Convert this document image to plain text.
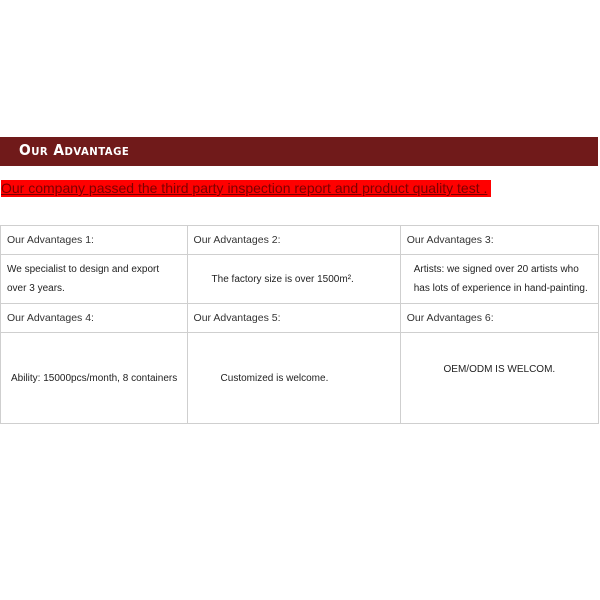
Our Advantage
Our company passed the third party inspection report and product quality test .
Our Advantages 1:	Our Advantages 2:	Our Advantages 3:
We specialist to design and export over 3 years.	The factory size is over 1500m².	Artists: we signed over 20 artists who has lots of experience in hand-painting.
Our Advantages 4:	Our Advantages 5:	Our Advantages 6:
Ability: 15000pcs/month, 8 containers	Customized is welcome.	OEM/ODM IS WELCOM.
